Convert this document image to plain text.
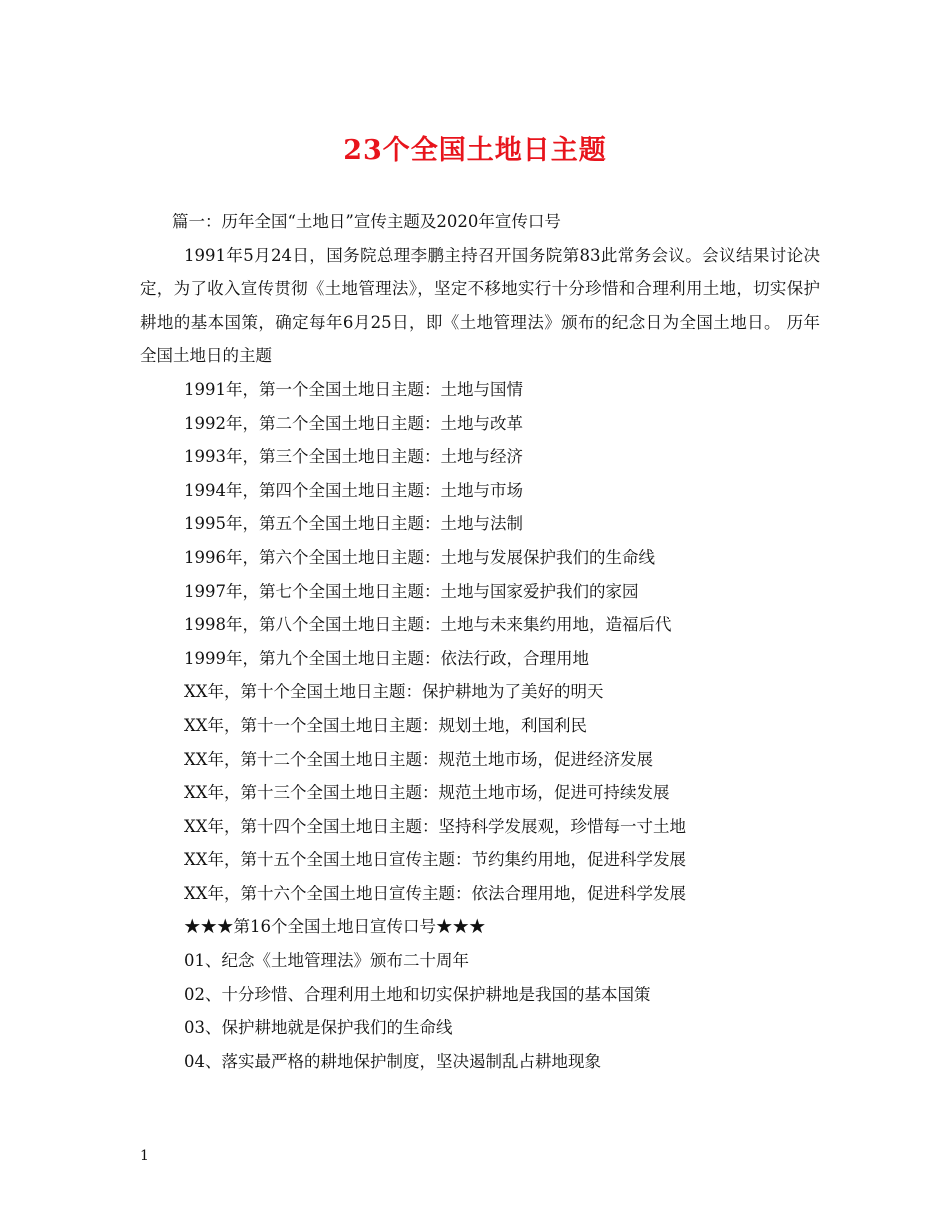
23个全国土地日主题

篇一：历年全国“土地日”宣传主题及2020年宣传口号

1991年5月24日，国务院总理李鹏主持召开国务院第83此常务会议。会议结果讨论决定，为了收入宣传贯彻《土地管理法》，坚定不移地实行十分珍惜和合理利用土地，切实保护耕地的基本国策，确定每年6月25日，即《土地管理法》颁布的纪念日为全国土地日。 历年全国土地日的主题

1991年，第一个全国土地日主题：土地与国情

1992年，第二个全国土地日主题：土地与改革

1993年，第三个全国土地日主题：土地与经济

1994年，第四个全国土地日主题：土地与市场

1995年，第五个全国土地日主题：土地与法制

1996年，第六个全国土地日主题：土地与发展保护我们的生命线

1997年，第七个全国土地日主题：土地与国家爱护我们的家园

1998年，第八个全国土地日主题：土地与未来集约用地，造福后代

1999年，第九个全国土地日主题：依法行政，合理用地

XX年，第十个全国土地日主题：保护耕地为了美好的明天

XX年，第十一个全国土地日主题：规划土地，利国利民

XX年，第十二个全国土地日主题：规范土地市场，促进经济发展

XX年，第十三个全国土地日主题：规范土地市场，促进可持续发展

XX年，第十四个全国土地日主题：坚持科学发展观，珍惜每一寸土地

XX年，第十五个全国土地日宣传主题：节约集约用地，促进科学发展

XX年，第十六个全国土地日宣传主题：依法合理用地，促进科学发展

★★★第16个全国土地日宣传口号★★★

01、纪念《土地管理法》颁布二十周年

02、十分珍惜、合理利用土地和切实保护耕地是我国的基本国策

03、保护耕地就是保护我们的生命线

04、落实最严格的耕地保护制度，坚决遏制乱占耕地现象

1
